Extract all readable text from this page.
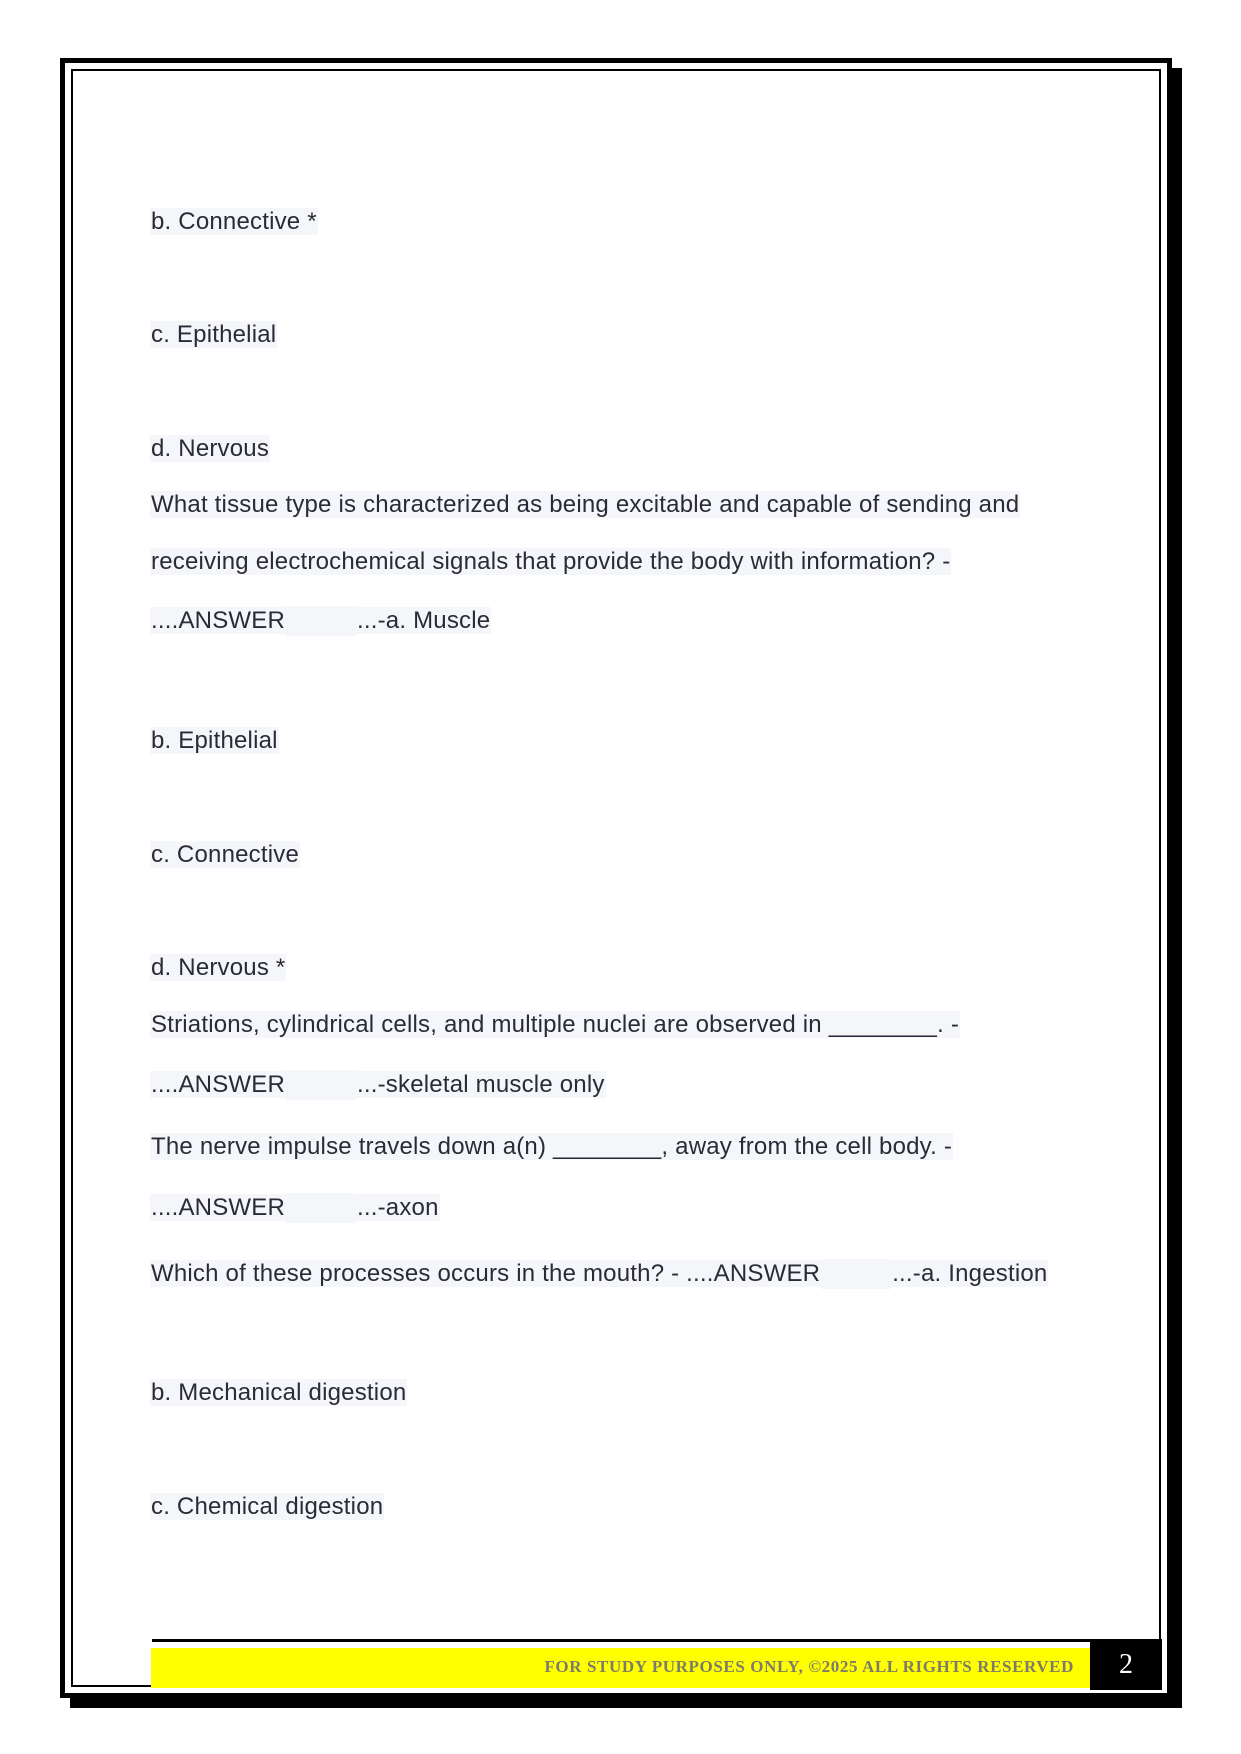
b. Connective *
c. Epithelial
d. Nervous
What tissue type is characterized as being excitable and capable of sending and
receiving electrochemical signals that provide the body with information? -
....ANSWER	...-a. Muscle
b. Epithelial
c. Connective
d. Nervous *
Striations, cylindrical cells, and multiple nuclei are observed in ________. -
....ANSWER	...-skeletal muscle only
The nerve impulse travels down a(n) ________, away from the cell body. -
....ANSWER	...-axon
Which of these processes occurs in the mouth? - ....ANSWER	...-a. Ingestion
b. Mechanical digestion
c. Chemical digestion
FOR STUDY PURPOSES ONLY, ©2025 ALL RIGHTS RESERVED	2
